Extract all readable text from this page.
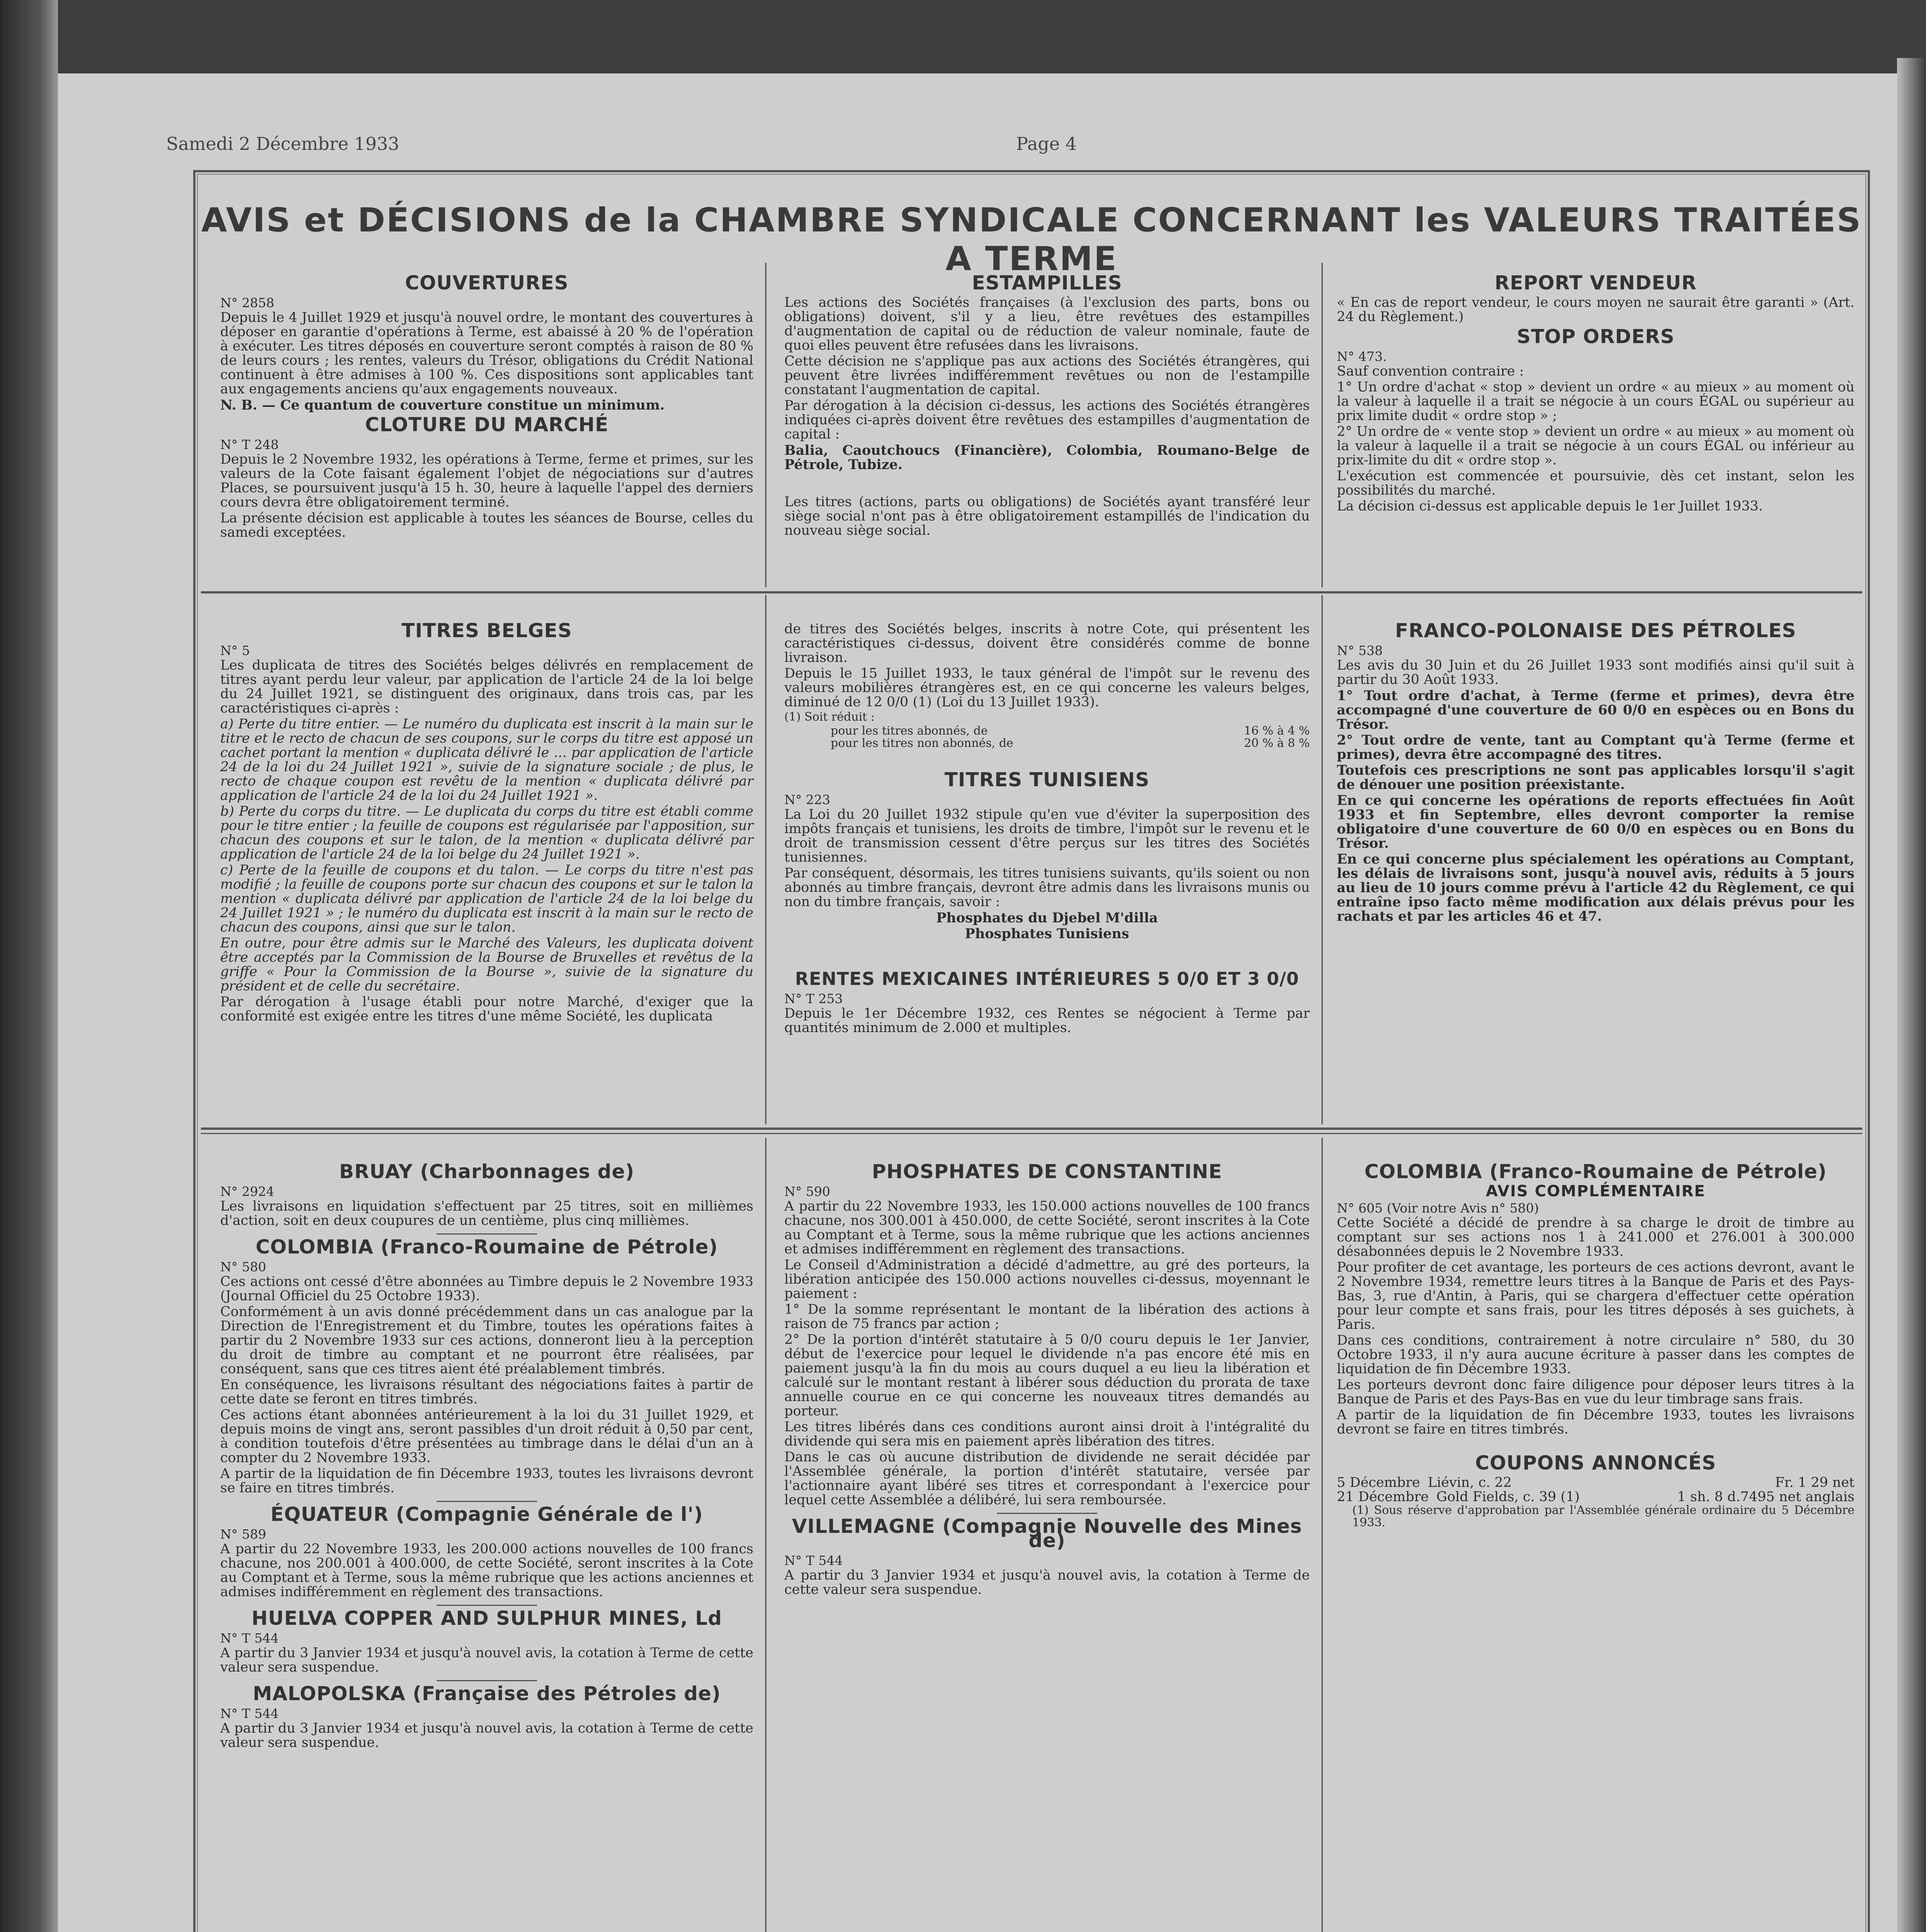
Samedi 2 Décembre 1933	Page 4
AVIS et DÉCISIONS de la CHAMBRE SYNDICALE CONCERNANT les VALEURS TRAITÉES A TERME
COUVERTURES
N° 2858

Depuis le 4 Juillet 1929 et jusqu'à nouvel ordre, le montant des couvertures à déposer en garantie d'opérations à Terme, est abaissé à 20 % de l'opération à exécuter. Les titres déposés en couverture seront comptés à raison de 80 % de leurs cours ; les rentes, valeurs du Trésor, obligations du Crédit National continuent à être admises à 100 %. Ces dispositions sont applicables tant aux engagements anciens qu'aux engagements nouveaux.

N. B. — Ce quantum de couverture constitue un minimum.

CLOTURE DU MARCHÉ
N° T 248

Depuis le 2 Novembre 1932, les opérations à Terme, ferme et primes, sur les valeurs de la Cote faisant également l'objet de négociations sur d'autres Places, se poursuivent jusqu'à 15 h. 30, heure à laquelle l'appel des derniers cours devra être obligatoirement terminé.

La présente décision est applicable à toutes les séances de Bourse, celles du samedi exceptées.

ESTAMPILLES

Les actions des Sociétés françaises (à l'exclusion des parts, bons ou obligations) doivent, s'il y a lieu, être revêtues des estampilles d'augmentation de capital ou de réduction de valeur nominale, faute de quoi elles peuvent être refusées dans les livraisons.

Cette décision ne s'applique pas aux actions des Sociétés étrangères, qui peuvent être livrées indifféremment revêtues ou non de l'estampille constatant l'augmentation de capital.

Par dérogation à la décision ci-dessus, les actions des Sociétés étrangères indiquées ci-après doivent être revêtues des estampilles d'augmentation de capital :

Balia, Caoutchoucs (Financière), Colombia, Roumano-Belge de Pétrole, Tubize.

Les titres (actions, parts ou obligations) de Sociétés ayant transféré leur siège social n'ont pas à être obligatoirement estampillés de l'indication du nouveau siège social.

REPORT VENDEUR

« En cas de report vendeur, le cours moyen ne saurait être garanti » (Art. 24 du Règlement.)

STOP ORDERS
N° 473.

Sauf convention contraire :

1° Un ordre d'achat « stop » devient un ordre « au mieux » au moment où la valeur à laquelle il a trait se négocie à un cours ÉGAL ou supérieur au prix limite dudit « ordre stop » ;

2° Un ordre de « vente stop » devient un ordre « au mieux » au moment où la valeur à laquelle il a trait se négocie à un cours ÉGAL ou inférieur au prix-limite du dit « ordre stop ».

L'exécution est commencée et poursuivie, dès cet instant, selon les possibilités du marché.

La décision ci-dessus est applicable depuis le 1er Juillet 1933.

TITRES BELGES
N° 5

Les duplicata de titres des Sociétés belges délivrés en remplacement de titres ayant perdu leur valeur, par application de l'article 24 de la loi belge du 24 Juillet 1921, se distinguent des originaux, dans trois cas, par les caractéristiques ci-après :

a) Perte du titre entier. — Le numéro du duplicata est inscrit à la main sur le titre et le recto de chacun de ses coupons, sur le corps du titre est apposé un cachet portant la mention « duplicata délivré le ... par application de l'article 24 de la loi du 24 Juillet 1921 », suivie de la signature sociale ; de plus, le recto de chaque coupon est revêtu de la mention « duplicata délivré par application de l'article 24 de la loi du 24 Juillet 1921 ».

b) Perte du corps du titre. — Le duplicata du corps du titre est établi comme pour le titre entier ; la feuille de coupons est régularisée par l'apposition, sur chacun des coupons et sur le talon, de la mention « duplicata délivré par application de l'article 24 de la loi belge du 24 Juillet 1921 ».

c) Perte de la feuille de coupons et du talon. — Le corps du titre n'est pas modifié ; la feuille de coupons porte sur chacun des coupons et sur le talon la mention « duplicata délivré par application de l'article 24 de la loi belge du 24 Juillet 1921 » ; le numéro du duplicata est inscrit à la main sur le recto de chacun des coupons, ainsi que sur le talon.

En outre, pour être admis sur le Marché des Valeurs, les duplicata doivent être acceptés par la Commission de la Bourse de Bruxelles et revêtus de la griffe « Pour la Commission de la Bourse », suivie de la signature du président et de celle du secrétaire.

Par dérogation à l'usage établi pour notre Marché, d'exiger que la conformité est exigée entre les titres d'une même Société, les duplicata

de titres des Sociétés belges, inscrits à notre Cote, qui présentent les caractéristiques ci-dessus, doivent être considérés comme de bonne livraison.

Depuis le 15 Juillet 1933, le taux général de l'impôt sur le revenu des valeurs mobilières étrangères est, en ce qui concerne les valeurs belges, diminué de 12 0/0 (1) (Loi du 13 Juillet 1933).

(1) Soit réduit :

pour les titres abonnés, de	16 % à 4 %
pour les titres non abonnés, de	20 % à 8 %
TITRES TUNISIENS
N° 223

La Loi du 20 Juillet 1932 stipule qu'en vue d'éviter la superposition des impôts français et tunisiens, les droits de timbre, l'impôt sur le revenu et le droit de transmission cessent d'être perçus sur les titres des Sociétés tunisiennes.

Par conséquent, désormais, les titres tunisiens suivants, qu'ils soient ou non abonnés au timbre français, devront être admis dans les livraisons munis ou non du timbre français, savoir :

Phosphates du Djebel M'dilla

Phosphates Tunisiens

RENTES MEXICAINES INTÉRIEURES 5 0/0 ET 3 0/0
N° T 253

Depuis le 1er Décembre 1932, ces Rentes se négocient à Terme par quantités minimum de 2.000 et multiples.

FRANCO-POLONAISE DES PÉTROLES
N° 538

Les avis du 30 Juin et du 26 Juillet 1933 sont modifiés ainsi qu'il suit à partir du 30 Août 1933.

1° Tout ordre d'achat, à Terme (ferme et primes), devra être accompagné d'une couverture de 60 0/0 en espèces ou en Bons du Trésor.

2° Tout ordre de vente, tant au Comptant qu'à Terme (ferme et primes), devra être accompagné des titres.

Toutefois ces prescriptions ne sont pas applicables lorsqu'il s'agit de dénouer une position préexistante.

En ce qui concerne les opérations de reports effectuées fin Août 1933 et fin Septembre, elles devront comporter la remise obligatoire d'une couverture de 60 0/0 en espèces ou en Bons du Trésor.

En ce qui concerne plus spécialement les opérations au Comptant, les délais de livraisons sont, jusqu'à nouvel avis, réduits à 5 jours au lieu de 10 jours comme prévu à l'article 42 du Règlement, ce qui entraîne ipso facto même modification aux délais prévus pour les rachats et par les articles 46 et 47.

BRUAY (Charbonnages de)
N° 2924

Les livraisons en liquidation s'effectuent par 25 titres, soit en millièmes d'action, soit en deux coupures de un centième, plus cinq millièmes.

COLOMBIA (Franco-Roumaine de Pétrole)
N° 580

Ces actions ont cessé d'être abonnées au Timbre depuis le 2 Novembre 1933 (Journal Officiel du 25 Octobre 1933).

Conformément à un avis donné précédemment dans un cas analogue par la Direction de l'Enregistrement et du Timbre, toutes les opérations faites à partir du 2 Novembre 1933 sur ces actions, donneront lieu à la perception du droit de timbre au comptant et ne pourront être réalisées, par conséquent, sans que ces titres aient été préalablement timbrés.

En conséquence, les livraisons résultant des négociations faites à partir de cette date se feront en titres timbrés.

Ces actions étant abonnées antérieurement à la loi du 31 Juillet 1929, et depuis moins de vingt ans, seront passibles d'un droit réduit à 0,50 par cent, à condition toutefois d'être présentées au timbrage dans le délai d'un an à compter du 2 Novembre 1933.

A partir de la liquidation de fin Décembre 1933, toutes les livraisons devront se faire en titres timbrés.

ÉQUATEUR (Compagnie Générale de l')
N° 589

A partir du 22 Novembre 1933, les 200.000 actions nouvelles de 100 francs chacune, nos 200.001 à 400.000, de cette Société, seront inscrites à la Cote au Comptant et à Terme, sous la même rubrique que les actions anciennes et admises indifféremment en règlement des transactions.

HUELVA COPPER AND SULPHUR MINES, Ld
N° T 544

A partir du 3 Janvier 1934 et jusqu'à nouvel avis, la cotation à Terme de cette valeur sera suspendue.

MALOPOLSKA (Française des Pétroles de)
N° T 544

A partir du 3 Janvier 1934 et jusqu'à nouvel avis, la cotation à Terme de cette valeur sera suspendue.

PHOSPHATES DE CONSTANTINE
N° 590

A partir du 22 Novembre 1933, les 150.000 actions nouvelles de 100 francs chacune, nos 300.001 à 450.000, de cette Société, seront inscrites à la Cote au Comptant et à Terme, sous la même rubrique que les actions anciennes et admises indifféremment en règlement des transactions.

Le Conseil d'Administration a décidé d'admettre, au gré des porteurs, la libération anticipée des 150.000 actions nouvelles ci-dessus, moyennant le paiement :

1° De la somme représentant le montant de la libération des actions à raison de 75 francs par action ;

2° De la portion d'intérêt statutaire à 5 0/0 couru depuis le 1er Janvier, début de l'exercice pour lequel le dividende n'a pas encore été mis en paiement jusqu'à la fin du mois au cours duquel a eu lieu la libération et calculé sur le montant restant à libérer sous déduction du prorata de taxe annuelle courue en ce qui concerne les nouveaux titres demandés au porteur.

Les titres libérés dans ces conditions auront ainsi droit à l'intégralité du dividende qui sera mis en paiement après libération des titres.

Dans le cas où aucune distribution de dividende ne serait décidée par l'Assemblée générale, la portion d'intérêt statutaire, versée par l'actionnaire ayant libéré ses titres et correspondant à l'exercice pour lequel cette Assemblée a délibéré, lui sera remboursée.

VILLEMAGNE (Compagnie Nouvelle des Mines de)
N° T 544

A partir du 3 Janvier 1934 et jusqu'à nouvel avis, la cotation à Terme de cette valeur sera suspendue.

COLOMBIA (Franco-Roumaine de Pétrole)
AVIS COMPLÉMENTAIRE
N° 605 (Voir notre Avis n° 580)

Cette Société a décidé de prendre à sa charge le droit de timbre au comptant sur ses actions nos 1 à 241.000 et 276.001 à 300.000 désabonnées depuis le 2 Novembre 1933.

Pour profiter de cet avantage, les porteurs de ces actions devront, avant le 2 Novembre 1934, remettre leurs titres à la Banque de Paris et des Pays-Bas, 3, rue d'Antin, à Paris, qui se chargera d'effectuer cette opération pour leur compte et sans frais, pour les titres déposés à ses guichets, à Paris.

Dans ces conditions, contrairement à notre circulaire n° 580, du 30 Octobre 1933, il n'y aura aucune écriture à passer dans les comptes de liquidation de fin Décembre 1933.

Les porteurs devront donc faire diligence pour déposer leurs titres à la Banque de Paris et des Pays-Bas en vue du leur timbrage sans frais.

A partir de la liquidation de fin Décembre 1933, toutes les livraisons devront se faire en titres timbrés.

COUPONS ANNONCÉS
5 Décembre Liévin, c. 22	Fr. 1 29 net
21 Décembre Gold Fields, c. 39 (1)	1 sh. 8 d.7495 net anglais

(1) Sous réserve d'approbation par l'Assemblée générale ordinaire du 5 Décembre 1933.
